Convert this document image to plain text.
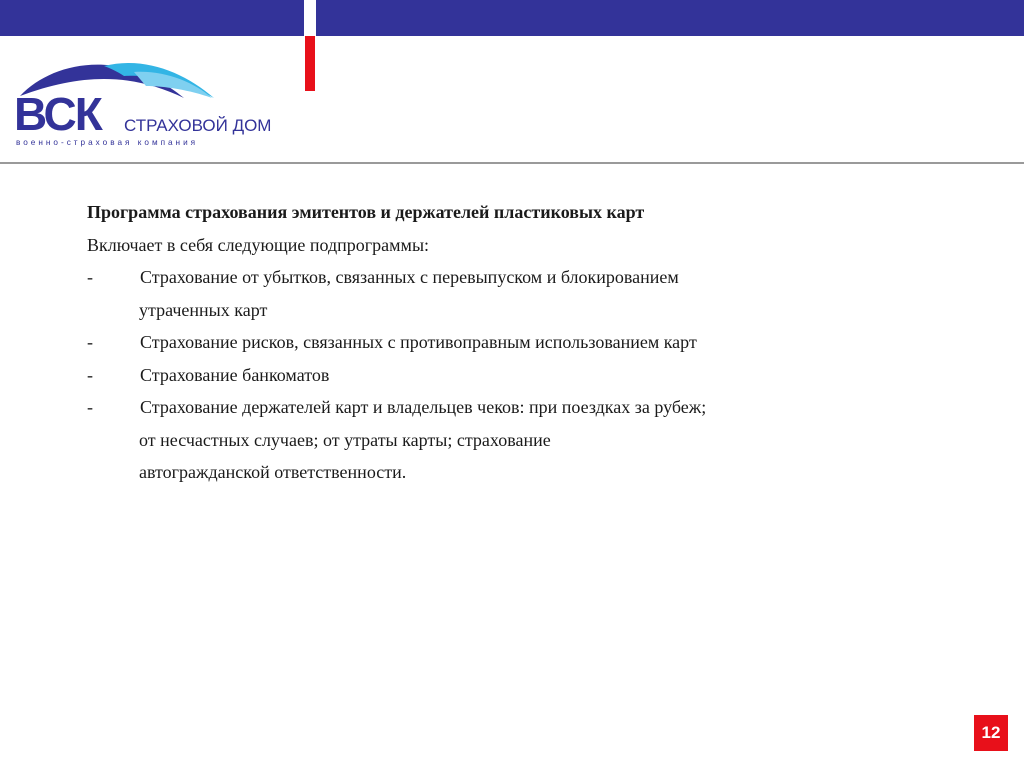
ВСК СТРАХОВОЙ ДОМ
военно-страховая компания
Программа страхования эмитентов и держателей пластиковых карт
Включает в себя следующие подпрограммы:
-	Страхование от убытков, связанных с перевыпуском и блокированием
утраченных карт
-	Страхование рисков, связанных с противоправным использованием карт
-	Страхование банкоматов
-	Страхование держателей карт и владельцев чеков: при поездках за рубеж;
от несчастных случаев; от утраты карты; страхование
автогражданской ответственности.
12
